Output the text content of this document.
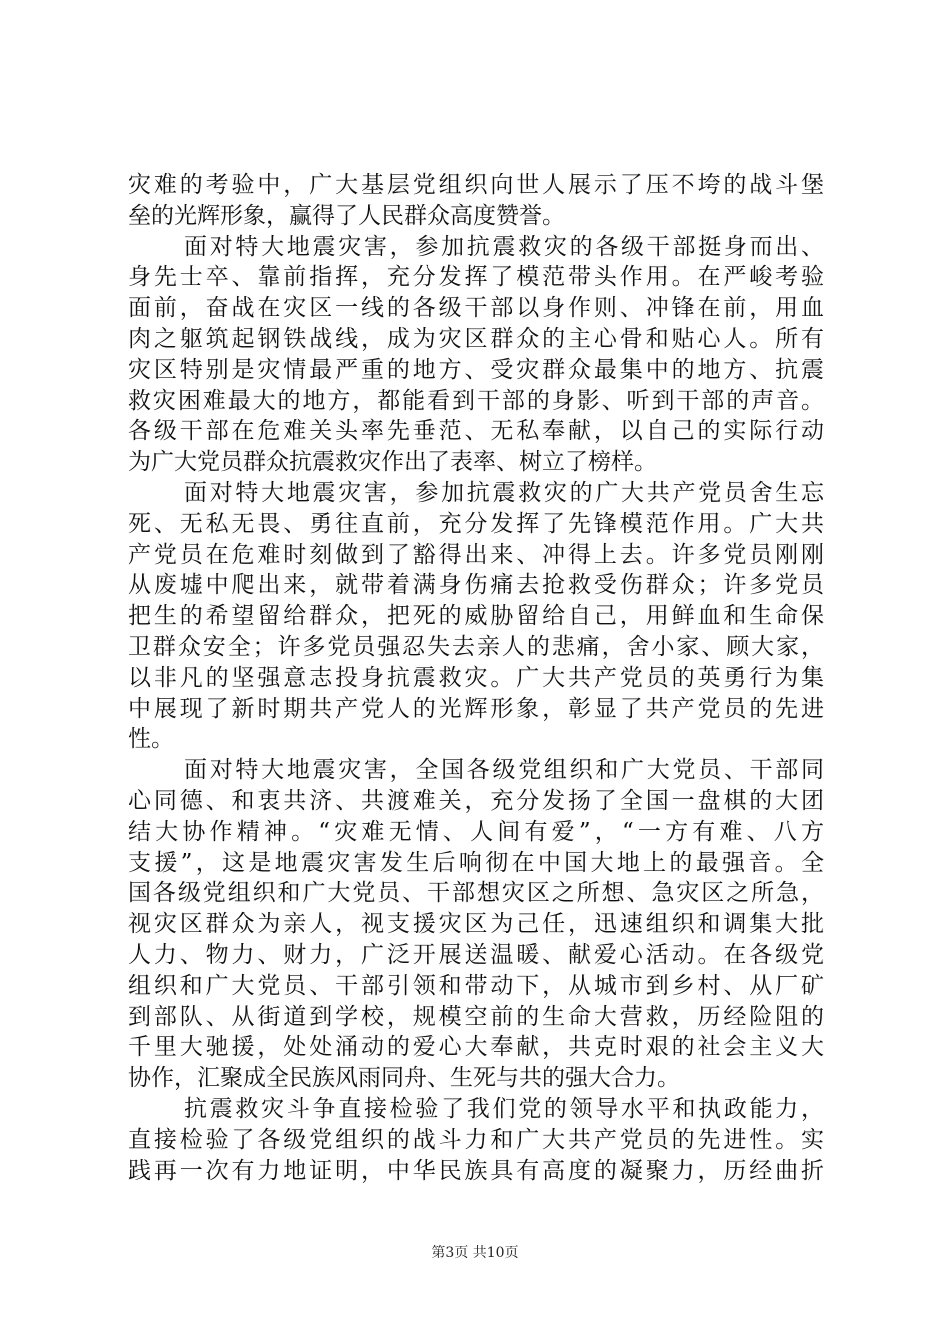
灾难的考验中，广大基层党组织向世人展示了压不垮的战斗堡
垒的光辉形象，赢得了人民群众高度赞誉。
面对特大地震灾害，参加抗震救灾的各级干部挺身而出、
身先士卒、靠前指挥，充分发挥了模范带头作用。在严峻考验
面前，奋战在灾区一线的各级干部以身作则、冲锋在前，用血
肉之躯筑起钢铁战线，成为灾区群众的主心骨和贴心人。所有
灾区特别是灾情最严重的地方、受灾群众最集中的地方、抗震
救灾困难最大的地方，都能看到干部的身影、听到干部的声音。
各级干部在危难关头率先垂范、无私奉献，以自己的实际行动
为广大党员群众抗震救灾作出了表率、树立了榜样。
面对特大地震灾害，参加抗震救灾的广大共产党员舍生忘
死、无私无畏、勇往直前，充分发挥了先锋模范作用。广大共
产党员在危难时刻做到了豁得出来、冲得上去。许多党员刚刚
从废墟中爬出来，就带着满身伤痛去抢救受伤群众；许多党员
把生的希望留给群众，把死的威胁留给自己，用鲜血和生命保
卫群众安全；许多党员强忍失去亲人的悲痛，舍小家、顾大家，
以非凡的坚强意志投身抗震救灾。广大共产党员的英勇行为集
中展现了新时期共产党人的光辉形象，彰显了共产党员的先进
性。
面对特大地震灾害，全国各级党组织和广大党员、干部同
心同德、和衷共济、共渡难关，充分发扬了全国一盘棋的大团
结大协作精神。“灾难无情、人间有爱”，“一方有难、八方
支援”，这是地震灾害发生后响彻在中国大地上的最强音。全
国各级党组织和广大党员、干部想灾区之所想、急灾区之所急，
视灾区群众为亲人，视支援灾区为己任，迅速组织和调集大批
人力、物力、财力，广泛开展送温暖、献爱心活动。在各级党
组织和广大党员、干部引领和带动下，从城市到乡村、从厂矿
到部队、从街道到学校，规模空前的生命大营救，历经险阻的
千里大驰援，处处涌动的爱心大奉献，共克时艰的社会主义大
协作，汇聚成全民族风雨同舟、生死与共的强大合力。
抗震救灾斗争直接检验了我们党的领导水平和执政能力，
直接检验了各级党组织的战斗力和广大共产党员的先进性。实
践再一次有力地证明，中华民族具有高度的凝聚力，历经曲折
第3页 共10页
